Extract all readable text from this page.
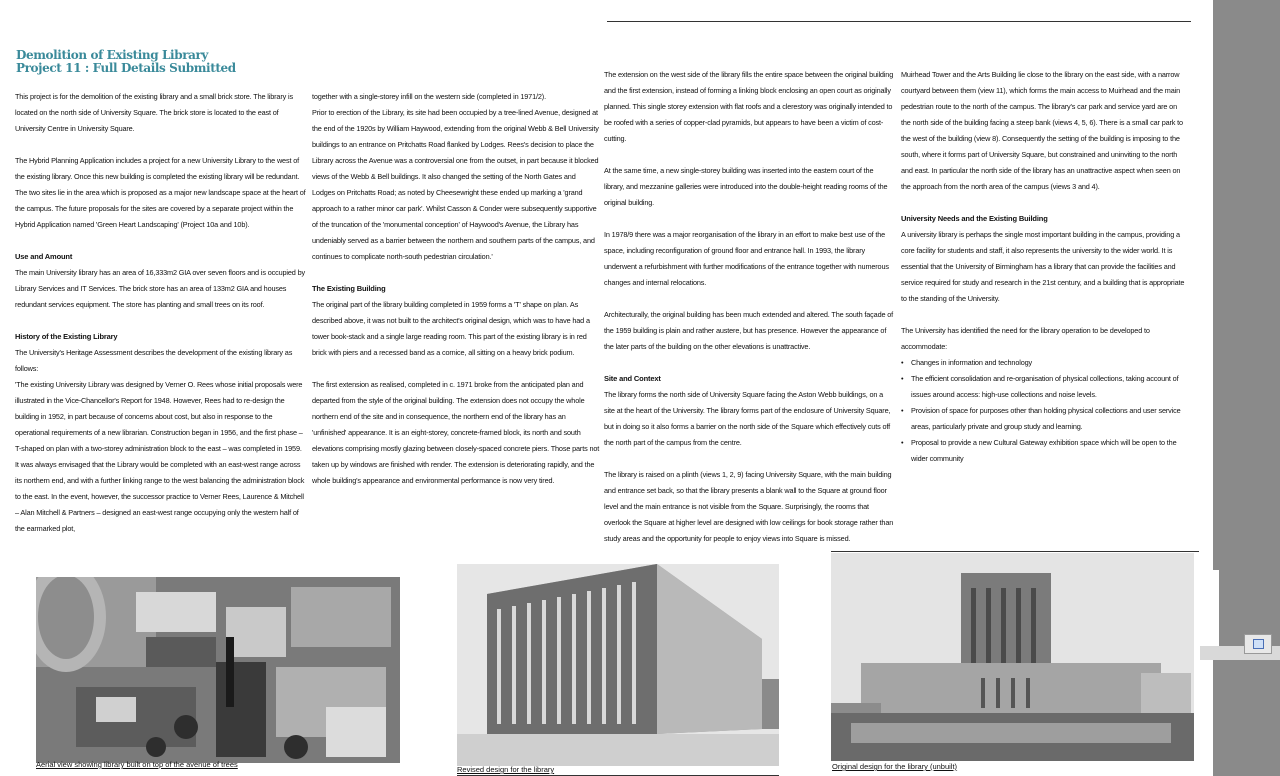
Demolition of Existing Library
Project 11 : Full Details Submitted

This project is for the demolition of the existing library and a small brick store. The library is located on the north side of University Square. The brick store is located to the east of University Centre in University Square.

The Hybrid Planning Application includes a project for a new University Library to the west of the existing library. Once this new building is completed the existing library will be redundant. The two sites lie in the area which is proposed as a major new landscape space at the heart of the campus. The future proposals for the sites are covered by a separate project within the Hybrid Application named 'Green Heart Landscaping' (Project 10a and 10b).

Use and Amount

The main University library has an area of 16,333m2 GIA over seven floors and is occupied by Library Services and IT Services. The brick store has an area of 133m2 GIA and houses redundant services equipment. The store has planting and small trees on its roof.

History of the Existing Library

The University's Heritage Assessment describes the development of the existing library as follows:

'The existing University Library was designed by Verner O. Rees whose initial proposals were illustrated in the Vice-Chancellor's Report for 1948. However, Rees had to re-design the building in 1952, in part because of concerns about cost, but also in response to the operational requirements of a new librarian. Construction began in 1956, and the first phase – T-shaped on plan with a two-storey administration block to the east – was completed in 1959. It was always envisaged that the Library would be completed with an east-west range across its northern end, and with a further linking range to the west balancing the administration block to the east. In the event, however, the successor practice to Verner Rees, Laurence & Mitchell – Alan Mitchell & Partners – designed an east-west range occupying only the western half of the earmarked plot,

together with a single-storey infill on the western side (completed in 1971/2).

Prior to erection of the Library, its site had been occupied by a tree-lined Avenue, designed at the end of the 1920s by William Haywood, extending from the original Webb & Bell University buildings to an entrance on Pritchatts Road flanked by Lodges. Rees's decision to place the Library across the Avenue was a controversial one from the outset, in part because it blocked views of the Webb & Bell buildings. It also changed the setting of the North Gates and Lodges on Pritchatts Road; as noted by Cheesewright these ended up marking a 'grand approach to a rather minor car park'. Whilst Casson & Conder were subsequently supportive of the truncation of the 'monumental conception' of Haywood's Avenue, the Library has undeniably served as a barrier between the northern and southern parts of the campus, and continues to complicate north-south pedestrian circulation.'

The Existing Building

The original part of the library building completed in 1959 forms a 'T' shape on plan. As described above, it was not built to the architect's original design, which was to have had a tower book-stack and a single large reading room. This part of the existing library is in red brick with piers and a recessed band as a cornice, all sitting on a heavy brick podium.

The first extension as realised, completed in c. 1971 broke from the anticipated plan and departed from the style of the original building. The extension does not occupy the whole northern end of the site and in consequence, the northern end of the library has an 'unfinished' appearance. It is an eight-storey, concrete-framed block, its north and south elevations comprising mostly glazing between closely-spaced concrete piers. Those parts not taken up by windows are finished with render. The extension is deteriorating rapidly, and the whole building's appearance and environmental performance is now very tired.

The extension on the west side of the library fills the entire space between the original building and the first extension, instead of forming a linking block enclosing an open court as originally planned. This single storey extension with flat roofs and a clerestory was originally intended to be roofed with a series of copper-clad pyramids, but appears to have been a victim of cost-cutting.

At the same time, a new single-storey building was inserted into the eastern court of the library, and mezzanine galleries were introduced into the double-height reading rooms of the original building.

In 1978/9 there was a major reorganisation of the library in an effort to make best use of the space, including reconfiguration of ground floor and entrance hall. In 1993, the library underwent a refurbishment with further modifications of the entrance together with numerous changes and internal relocations.

Architecturally, the original building has been much extended and altered. The south façade of the 1959 building is plain and rather austere, but has presence. However the appearance of the later parts of the building on the other elevations is unattractive.

Site and Context

The library forms the north side of University Square facing the Aston Webb buildings, on a site at the heart of the University. The library forms part of the enclosure of University Square, but in doing so it also forms a barrier on the north side of the Square which effectively cuts off the north part of the campus from the centre.

The library is raised on a plinth (views 1, 2, 9) facing University Square, with the main building and entrance set back, so that the library presents a blank wall to the Square at ground floor level and the main entrance is not visible from the Square. Surprisingly, the rooms that overlook the Square at higher level are designed with low ceilings for book storage rather than study areas and the opportunity for people to enjoy views into Square is missed.

Muirhead Tower and the Arts Building lie close to the library on the east side, with a narrow courtyard between them (view 11), which forms the main access to Muirhead and the main pedestrian route to the north of the campus. The library's car park and service yard are on the north side of the building facing a steep bank (views 4, 5, 6). There is a small car park to the west of the building (view 8). Consequently the setting of the building is imposing to the south, where it forms part of University Square, but constrained and uninviting to the north and east. In particular the north side of the library has an unattractive aspect when seen on the approach from the north area of the campus (views 3 and 4).

University Needs and the Existing Building

A university library is perhaps the single most important building in the campus, providing a core facility for students and staff, it also represents the university to the wider world. It is essential that the University of Birmingham has a library that can provide the facilities and service required for study and research in the 21st century, and a building that is appropriate to the standing of the University.

The University has identified the need for the library operation to be developed to accommodate:

• Changes in information and technology
• The efficient consolidation and re-organisation of physical collections, taking account of issues around access: high-use collections and noise levels.
• Provision of space for purposes other than holding physical collections and user service areas, particularly private and group study and learning.
• Proposal to provide a new Cultural Gateway exhibition space which will be open to the wider community
Aerial view showing library built on top of the avenue of trees
Revised design for the library	Original design for the library (unbuilt)
